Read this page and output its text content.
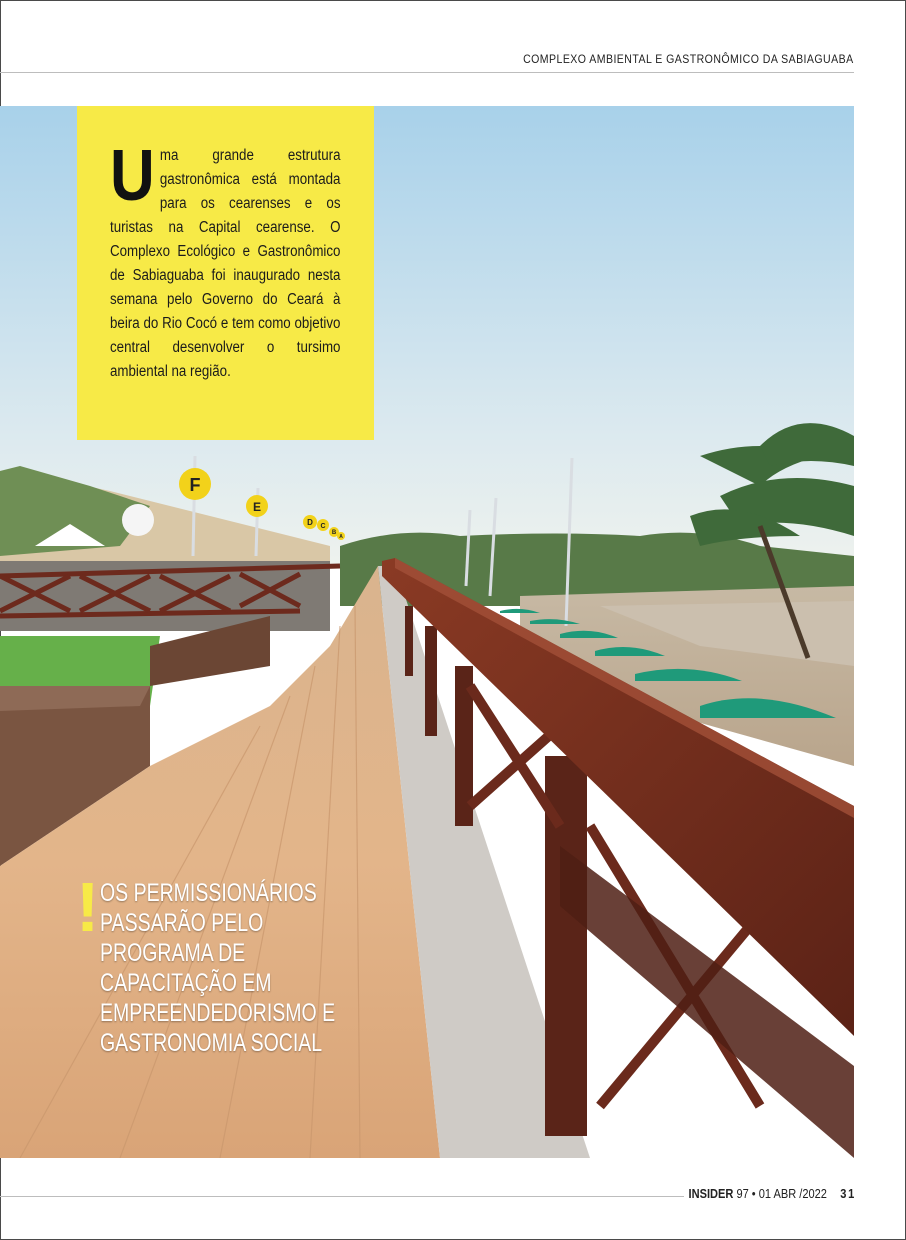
COMPLEXO AMBIENTAL E GASTRONÔMICO DA SABIAGUABA
F
E
D C
B
A

Uma grande estrutura gastronômica está montada para os cearenses e os turistas na Capital cearense. O Complexo Ecológico e Gastronômico de Sabiaguaba foi inaugurado nesta semana pelo Governo do Ceará à beira do Rio Cocó e tem como objetivo central desenvolver o tursimo ambiental na região.

! OS PERMISSIONÁRIOS PASSARÃO PELO PROGRAMA DE CAPACITAÇÃO EM EMPREENDEDORISMO E GASTRONOMIA SOCIAL

INSIDER 97 • 01 ABR /2022 31
